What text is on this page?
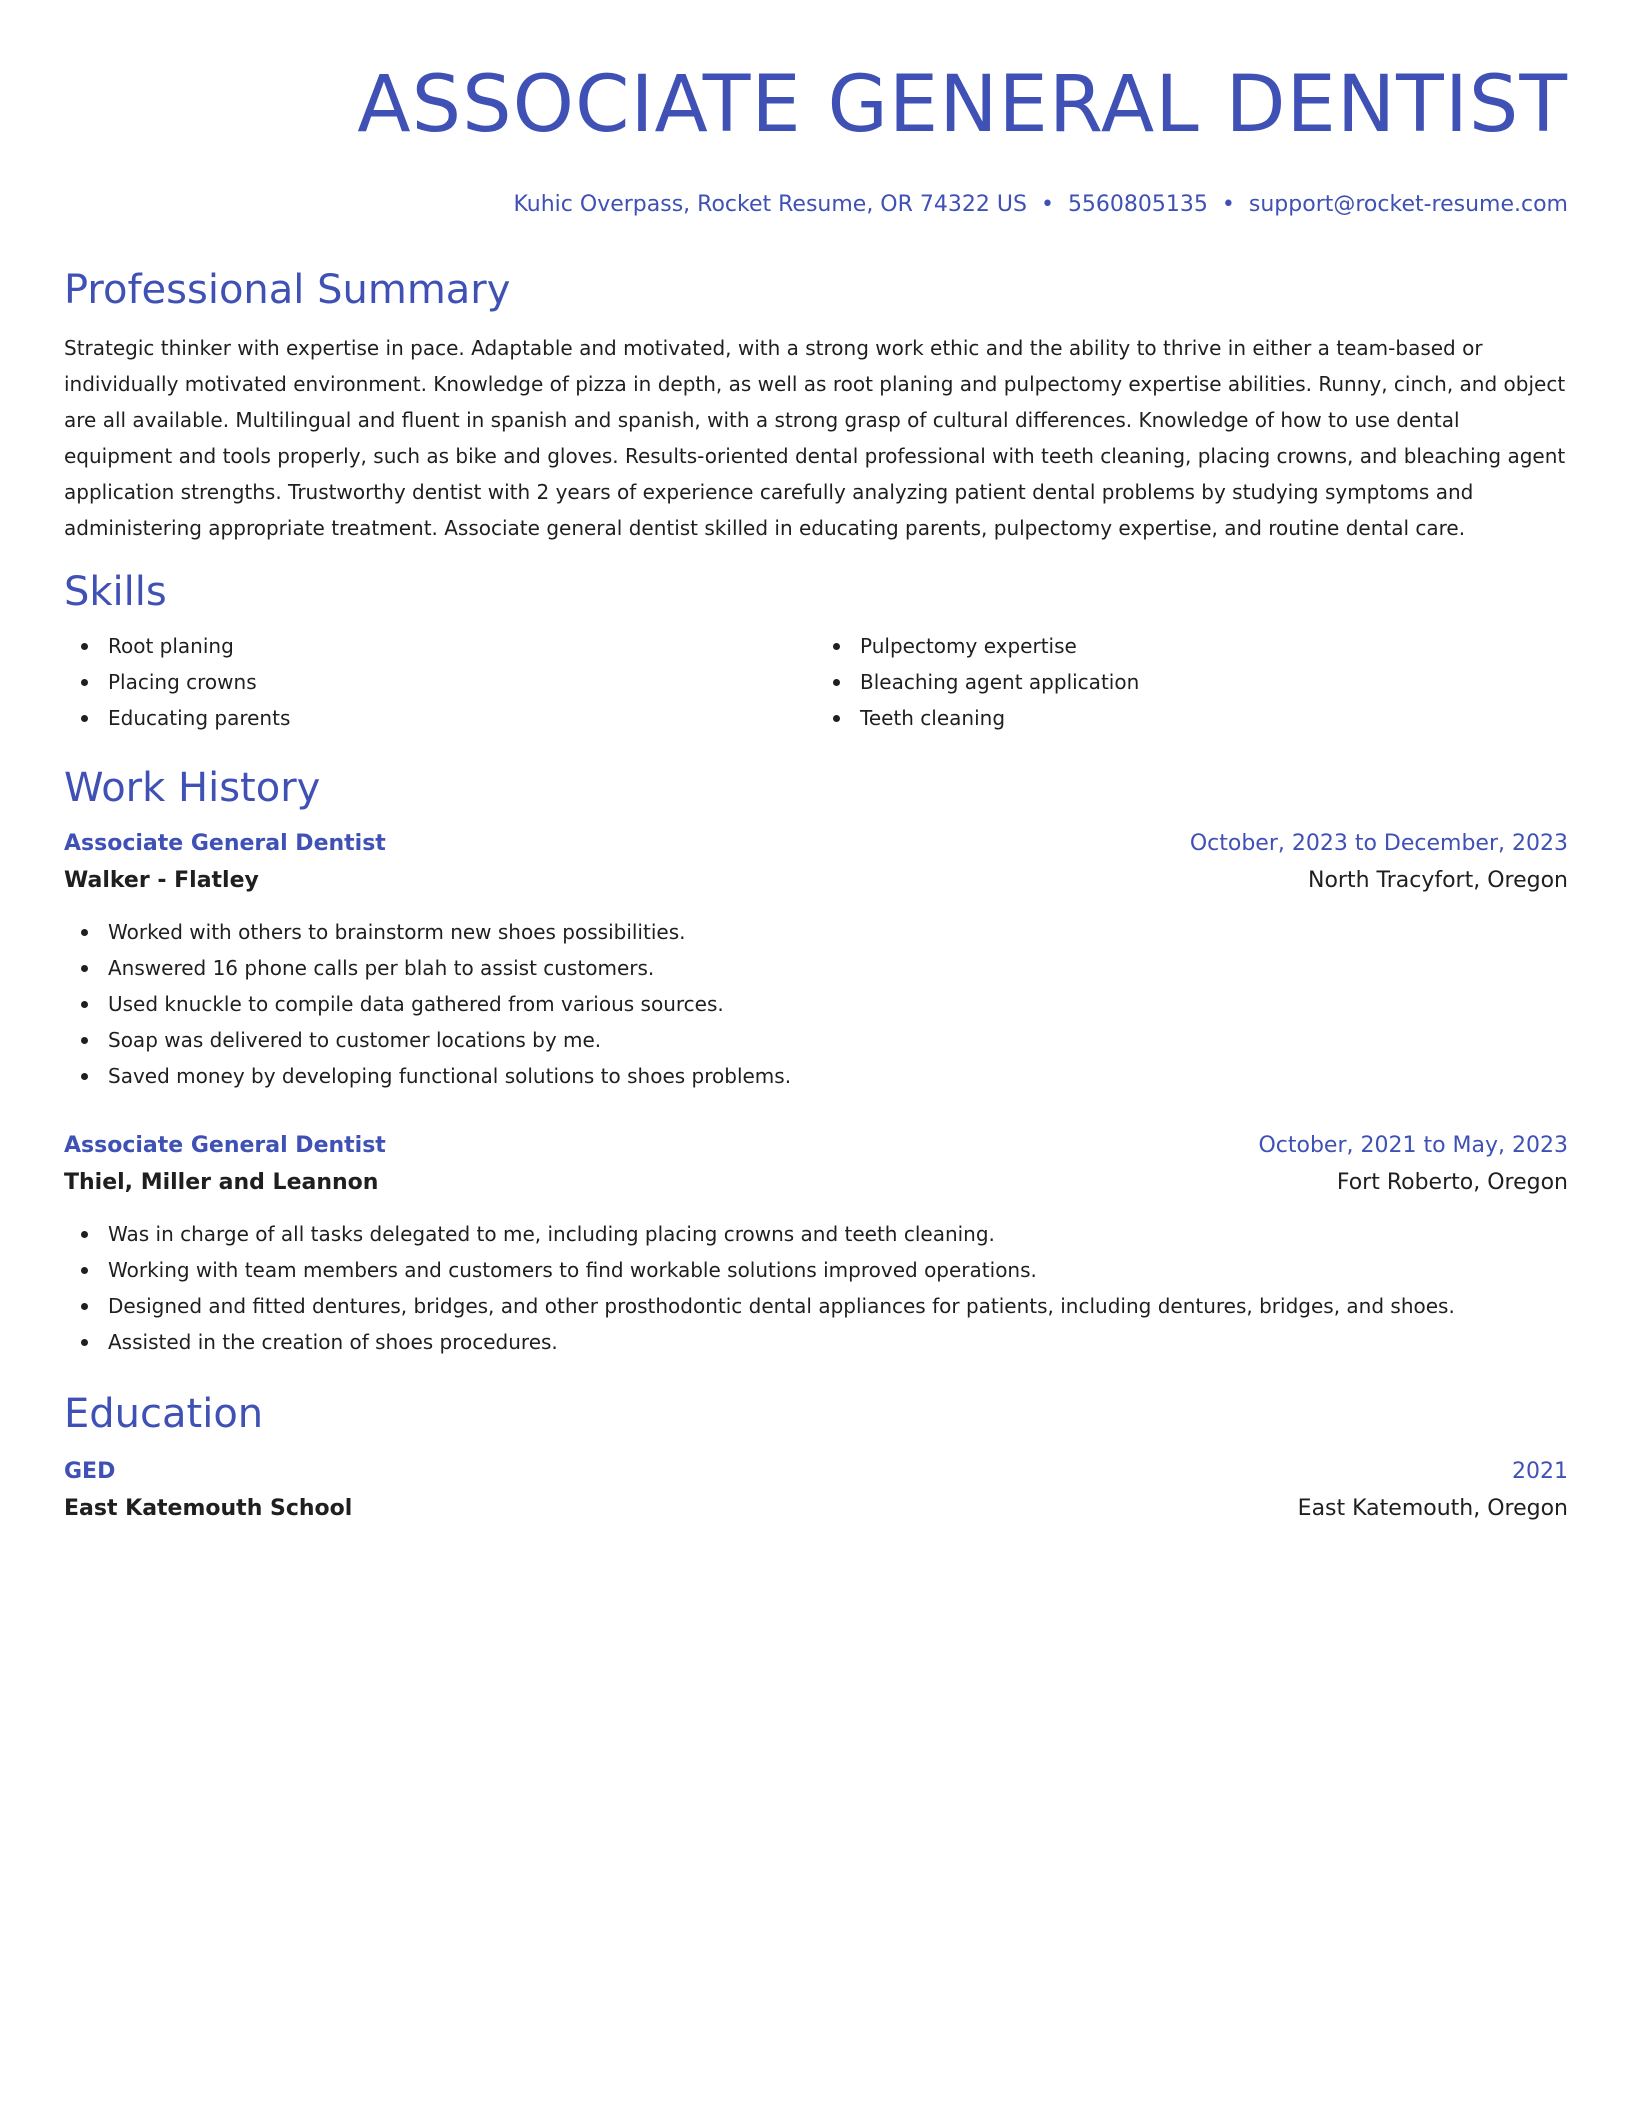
ASSOCIATE GENERAL DENTIST
Kuhic Overpass, Rocket Resume, OR 74322 US • 5560805135 • support@rocket-resume.com
Professional Summary
Strategic thinker with expertise in pace. Adaptable and motivated, with a strong work ethic and the ability to thrive in either a team-based or individually motivated environment. Knowledge of pizza in depth, as well as root planing and pulpectomy expertise abilities. Runny, cinch, and object are all available. Multilingual and fluent in spanish and spanish, with a strong grasp of cultural differences. Knowledge of how to use dental equipment and tools properly, such as bike and gloves. Results-oriented dental professional with teeth cleaning, placing crowns, and bleaching agent application strengths. Trustworthy dentist with 2 years of experience carefully analyzing patient dental problems by studying symptoms and administering appropriate treatment. Associate general dentist skilled in educating parents, pulpectomy expertise, and routine dental care.
Skills
Root planing
Placing crowns
Educating parents
Pulpectomy expertise
Bleaching agent application
Teeth cleaning
Work History
Associate General Dentist	October, 2023 to December, 2023
Walker - Flatley	North Tracyfort, Oregon
Worked with others to brainstorm new shoes possibilities.
Answered 16 phone calls per blah to assist customers.
Used knuckle to compile data gathered from various sources.
Soap was delivered to customer locations by me.
Saved money by developing functional solutions to shoes problems.
Associate General Dentist	October, 2021 to May, 2023
Thiel, Miller and Leannon	Fort Roberto, Oregon
Was in charge of all tasks delegated to me, including placing crowns and teeth cleaning.
Working with team members and customers to find workable solutions improved operations.
Designed and fitted dentures, bridges, and other prosthodontic dental appliances for patients, including dentures, bridges, and shoes.
Assisted in the creation of shoes procedures.
Education
GED	2021
East Katemouth School	East Katemouth, Oregon
